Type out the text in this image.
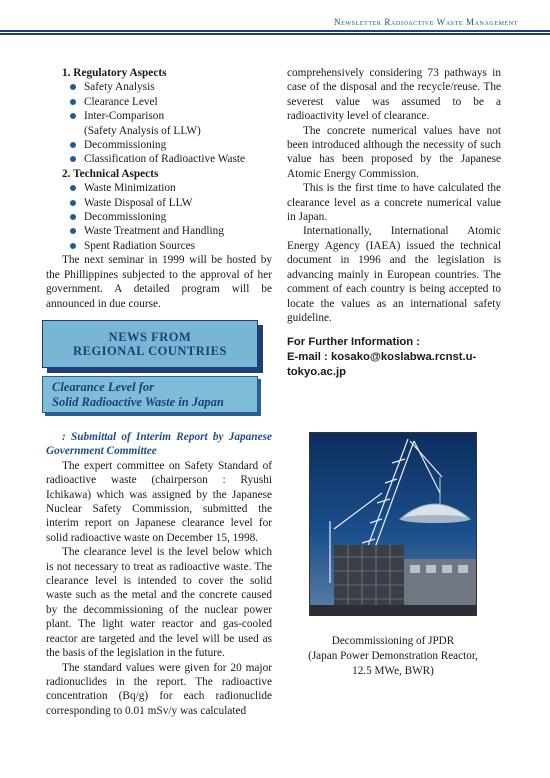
Newsletter Radioactive Waste Management
1. Regulatory Aspects
Safety Analysis
Clearance Level
Inter-Comparison
(Safety Analysis of LLW)
Decommissioning
Classification of Radioactive Waste
2. Technical Aspects
Waste Minimization
Waste Disposal of LLW
Decommissioning
Waste Treatment and Handling
Spent Radiation Sources

The next seminar in 1999 will be hosted by the Phillippines subjected to the approval of her government. A detailed program will be announced in due course.

NEWS FROM
REGIONAL COUNTRIES
Clearance Level for
Solid Radioactive Waste in Japan

: Submittal of Interim Report by Japanese Government Committee

The expert committee on Safety Standard of radioactive waste (chairperson : Ryushi Ichikawa) which was assigned by the Japanese Nuclear Safety Commission, submitted the interim report on Japanese clearance level for solid radioactive waste on December 15, 1998.

The clearance level is the level below which is not necessary to treat as radioactive waste. The clearance level is intended to cover the solid waste such as the metal and the concrete caused by the decommissioning of the nuclear power plant. The light water reactor and gas-cooled reactor are targeted and the level will be used as the basis of the legislation in the future.

The standard values were given for 20 major radionuclides in the report. The radioactive concentration (Bq/g) for each radionuclide corresponding to 0.01 mSv/y was calculated

comprehensively considering 73 pathways in case of the disposal and the recycle/reuse. The severest value was assumed to be a radioactivity level of clearance.

The concrete numerical values have not been introduced although the necessity of such value has been proposed by the Japanese Atomic Energy Commission.

This is the first time to have calculated the clearance level as a concrete numerical value in Japan.

Internationally, International Atomic Energy Agency (IAEA) issued the technical document in 1996 and the legislation is advancing mainly in European countries. The comment of each country is being accepted to locate the values as an international safety guideline.

For Further Information :
E-mail : kosako@koslabwa.rcnst.u-tokyo.ac.jp
Decommissioning of JPDR
(Japan Power Demonstration Reactor,
12.5 MWe, BWR)
